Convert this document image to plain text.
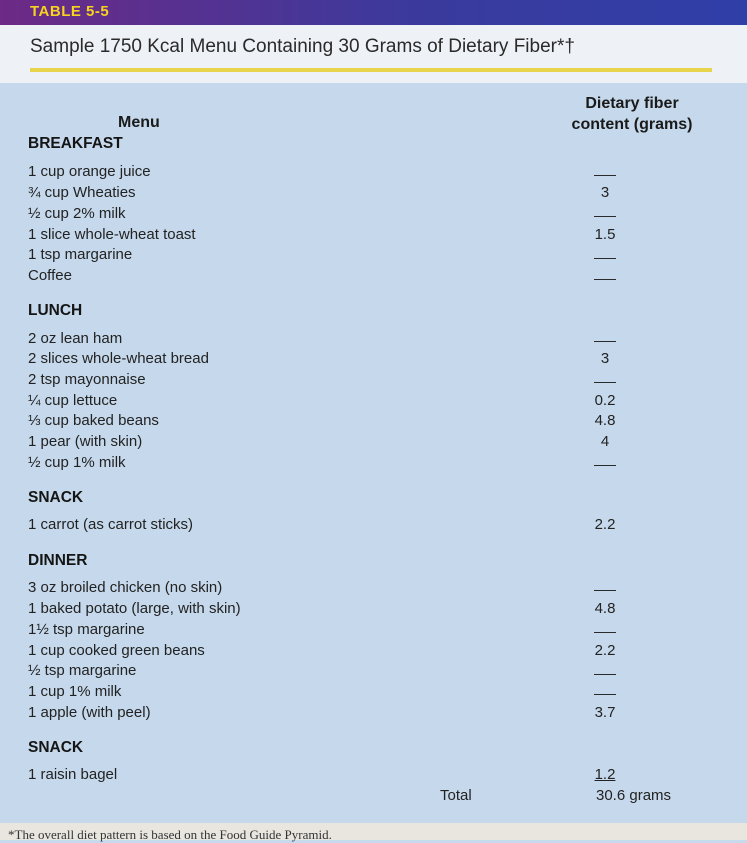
TABLE 5-5
Sample 1750 Kcal Menu Containing 30 Grams of Dietary Fiber*†
Menu
Dietary fiber
content (grams)
BREAKFAST
1 cup orange juice
¾ cup Wheaties	3
½ cup 2% milk
1 slice whole-wheat toast	1.5
1 tsp margarine
Coffee
LUNCH
2 oz lean ham
2 slices whole-wheat bread	3
2 tsp mayonnaise
¼ cup lettuce	0.2
⅓ cup baked beans	4.8
1 pear (with skin)	4
½ cup 1% milk
SNACK
1 carrot (as carrot sticks)	2.2
DINNER
3 oz broiled chicken (no skin)
1 baked potato (large, with skin)	4.8
1½ tsp margarine
1 cup cooked green beans	2.2
½ tsp margarine
1 cup 1% milk
1 apple (with peel)	3.7
SNACK
1 raisin bagel	1.2
Total	30.6 grams
*The overall diet pattern is based on the Food Guide Pyramid.
